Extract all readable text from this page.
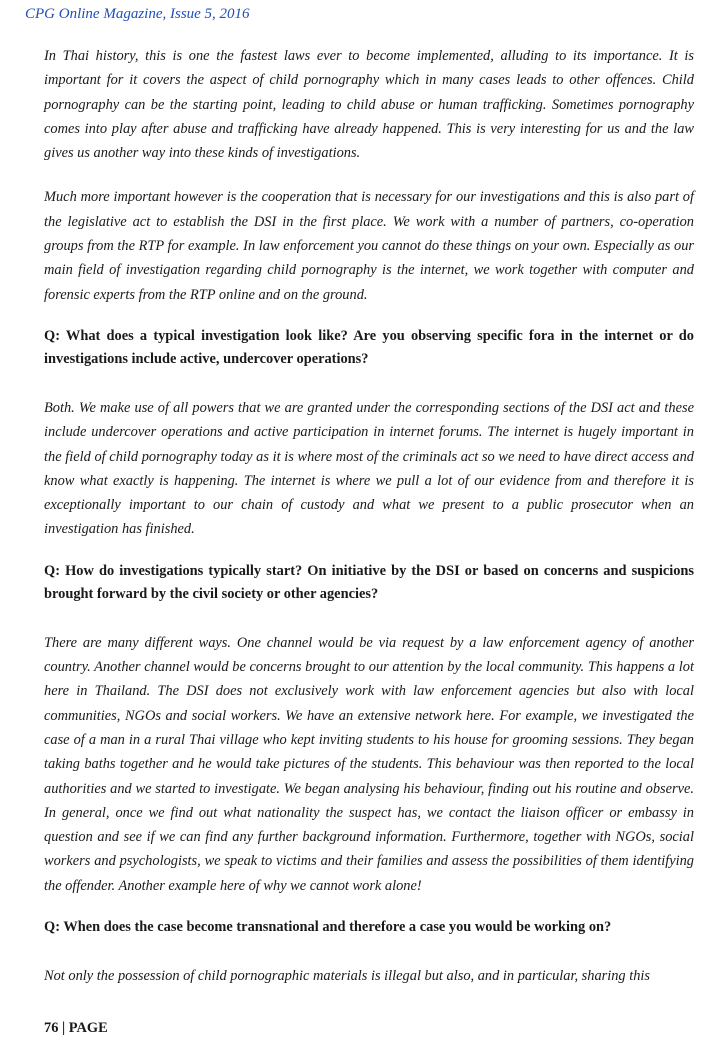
CPG Online Magazine, Issue 5, 2016

In Thai history, this is one the fastest laws ever to become implemented, alluding to its importance. It is important for it covers the aspect of child pornography which in many cases leads to other offences. Child pornography can be the starting point, leading to child abuse or human trafficking. Sometimes pornography comes into play after abuse and trafficking have already happened. This is very interesting for us and the law gives us another way into these kinds of investigations.

Much more important however is the cooperation that is necessary for our investigations and this is also part of the legislative act to establish the DSI in the first place. We work with a number of partners, co-operation groups from the RTP for example. In law enforcement you cannot do these things on your own. Especially as our main field of investigation regarding child pornography is the internet, we work together with computer and forensic experts from the RTP online and on the ground.

Q: What does a typical investigation look like? Are you observing specific fora in the internet or do investigations include active, undercover operations?

Both. We make use of all powers that we are granted under the corresponding sections of the DSI act and these include undercover operations and active participation in internet forums. The internet is hugely important in the field of child pornography today as it is where most of the criminals act so we need to have direct access and know what exactly is happening. The internet is where we pull a lot of our evidence from and therefore it is exceptionally important to our chain of custody and what we present to a public prosecutor when an investigation has finished.

Q: How do investigations typically start? On initiative by the DSI or based on concerns and suspicions brought forward by the civil society or other agencies?

There are many different ways. One channel would be via request by a law enforcement agency of another country. Another channel would be concerns brought to our attention by the local community. This happens a lot here in Thailand. The DSI does not exclusively work with law enforcement agencies but also with local communities, NGOs and social workers. We have an extensive network here. For example, we investigated the case of a man in a rural Thai village who kept inviting students to his house for grooming sessions. They began taking baths together and he would take pictures of the students. This behaviour was then reported to the local authorities and we started to investigate. We began analysing his behaviour, finding out his routine and observe. In general, once we find out what nationality the suspect has, we contact the liaison officer or embassy in question and see if we can find any further background information. Furthermore, together with NGOs, social workers and psychologists, we speak to victims and their families and assess the possibilities of them identifying the offender. Another example here of why we cannot work alone!

Q: When does the case become transnational and therefore a case you would be working on?

Not only the possession of child pornographic materials is illegal but also, and in particular, sharing this

76 | PAGE
